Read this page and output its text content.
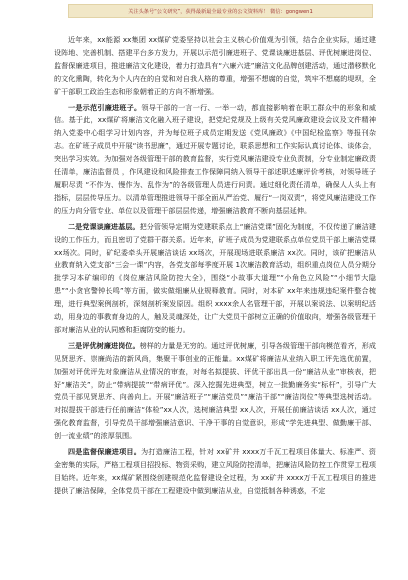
关注头条号“公文研究”，获得最新最全最专业的公文资料库！ 微信：gongwen1

近年来，xx能源 xx集团 xx煤矿党委坚持以社会主义核心价值观为引领，结合企业实际，通过建设阵地、完善机制、搭建平台多方发力，开展以示范引廉进班子、党课谈廉进基层、评优树廉进岗位、监督保廉进项目，推进廉洁文化建设，着力打造具有“六廉六进”廉洁文化品牌创建活动，通过潜移默化的文化熏陶，转化为个人内在的自觉和对自我人格的尊重，增强不想腐的自觉，筑牢不想腐的堤坝，全矿干部职工政治生态和形象朝着正的方向不断增强。

一是示范引廉进班子。领导干部的一言一行、一举一动，都直接影响着在职工群众中的形象和威信。基于此，xx煤矿将廉洁文化融入班子建设，把党纪党规及上级有关党风廉政建设会议及文件精神纳入党委中心组学习计划内容，并为每位班子成员定期发送《党风廉政》《中国纪检监察》等报刊杂志。在矿班子成员中开展“读书思廉”，通过开展专题讨论，联系思想和工作实际认真讨论体、谈体会，突出学习实效。为加强对各级管理干部的教育监督，实行党风廉洁建设专业负责制，分专业制定廉政责任清单，廉洁监督员 ，作风建设和风险排查工作保障同纳入领导干部述职述廉评价考核，对领导班子履职尽责 “不作为、慢作为、乱作为”的各级管理人员进行问责。通过细化责任清单，确保人人头上有指标，层层传导压力。以清单管理推进领导干部全面从严治党、履行“一岗双责”，将党风廉洁建设工作的压力向分管专业、单位以及管理干部层层传递，增强廉洁教育不断向基层延伸。

二是党课谈廉进基层。把分管领导定期为党建联系点上“廉洁党课”固化为制度，不仅传递了廉洁建设的工作压力，而且密切了党群干群关系。近年来，矿班子成员为党建联系点单位党员干部上廉洁党课 xx场次。同时，矿纪委牵头开展廉洁谈话 xx场次，开展现场进联系廉洁 xx次。同时，该矿把廉洁从业教育纳入党支部“三会一课”内容，各党支部每季度开展 1次廉洁教育活动，组织重点岗位人员分期分批学习本矿编印的《岗位廉洁风险防控大全》，围绕“小故事大道理”“小角色立风险”“小细节大隐患”“小贪官警钟长鸣”等方面，做实做细廉从业规释教育。同时，对本矿 xx年来违规违纪案件整合梳理，进行典型案例剖析，深刻剖析案发原因。组织 xxxx余人名管理干部，开展以案说法、以案明纪活动，用身边的事教育身边的人，触及灵魂深处，让广大党员干部树立正确的价值取向，增强各级管理干部对廉洁从业的认同感和拒腐防变的能力。

三是评优树廉进岗位。榜样的力量是无穷的。通过评优树廉，引导各级管理干部向模范看齐，形成见贤思齐、崇廉尚洁的新风尚，集聚干事创业的正能量。xx煤矿将廉洁从业纳入职工评先选优前置，加强对评优评先对象廉洁从业情况的审查，对每名拟提拔、评优干部出具一份“廉洁从业”审核表，把好“廉洁关”，防止“带病提拔”“带病评优”。深入挖掘先进典型，树立一批勤廉务实“标杆”，引导广大党员干部见贤思齐、向善向上。开展“廉洁班子”“廉洁党员”“廉洁干部”“廉洁岗位”等典型选树活动。对拟提拔干部进行任前廉洁“体检”xx人次，选树廉洁典型 xx人次，开展任前廉洁谈话 xx人次，通过强化教育监督，引导党员干部增强廉洁意识、干净干事的自觉意识，形成“学先进典型、做勤廉干部、创一流业绩”的浓厚氛围。

四是监督保廉进项目。为打造廉洁工程，针对 xx矿井 xxxx万千瓦工程项目体量大、标准严、资金密集的实际，严格工程项目招投标、物资采购，建立风险防控清单，把廉洁风险防控工作贯穿工程项目始终。近年来，xx煤矿紧围绕创建规范化监督建设全过程，为 xx矿井 xxxx万千瓦工程项目的推进提供了廉洁保障，全体党员干部在工程建设中做到廉洁从业，自觉抵制各种诱惑，不定
